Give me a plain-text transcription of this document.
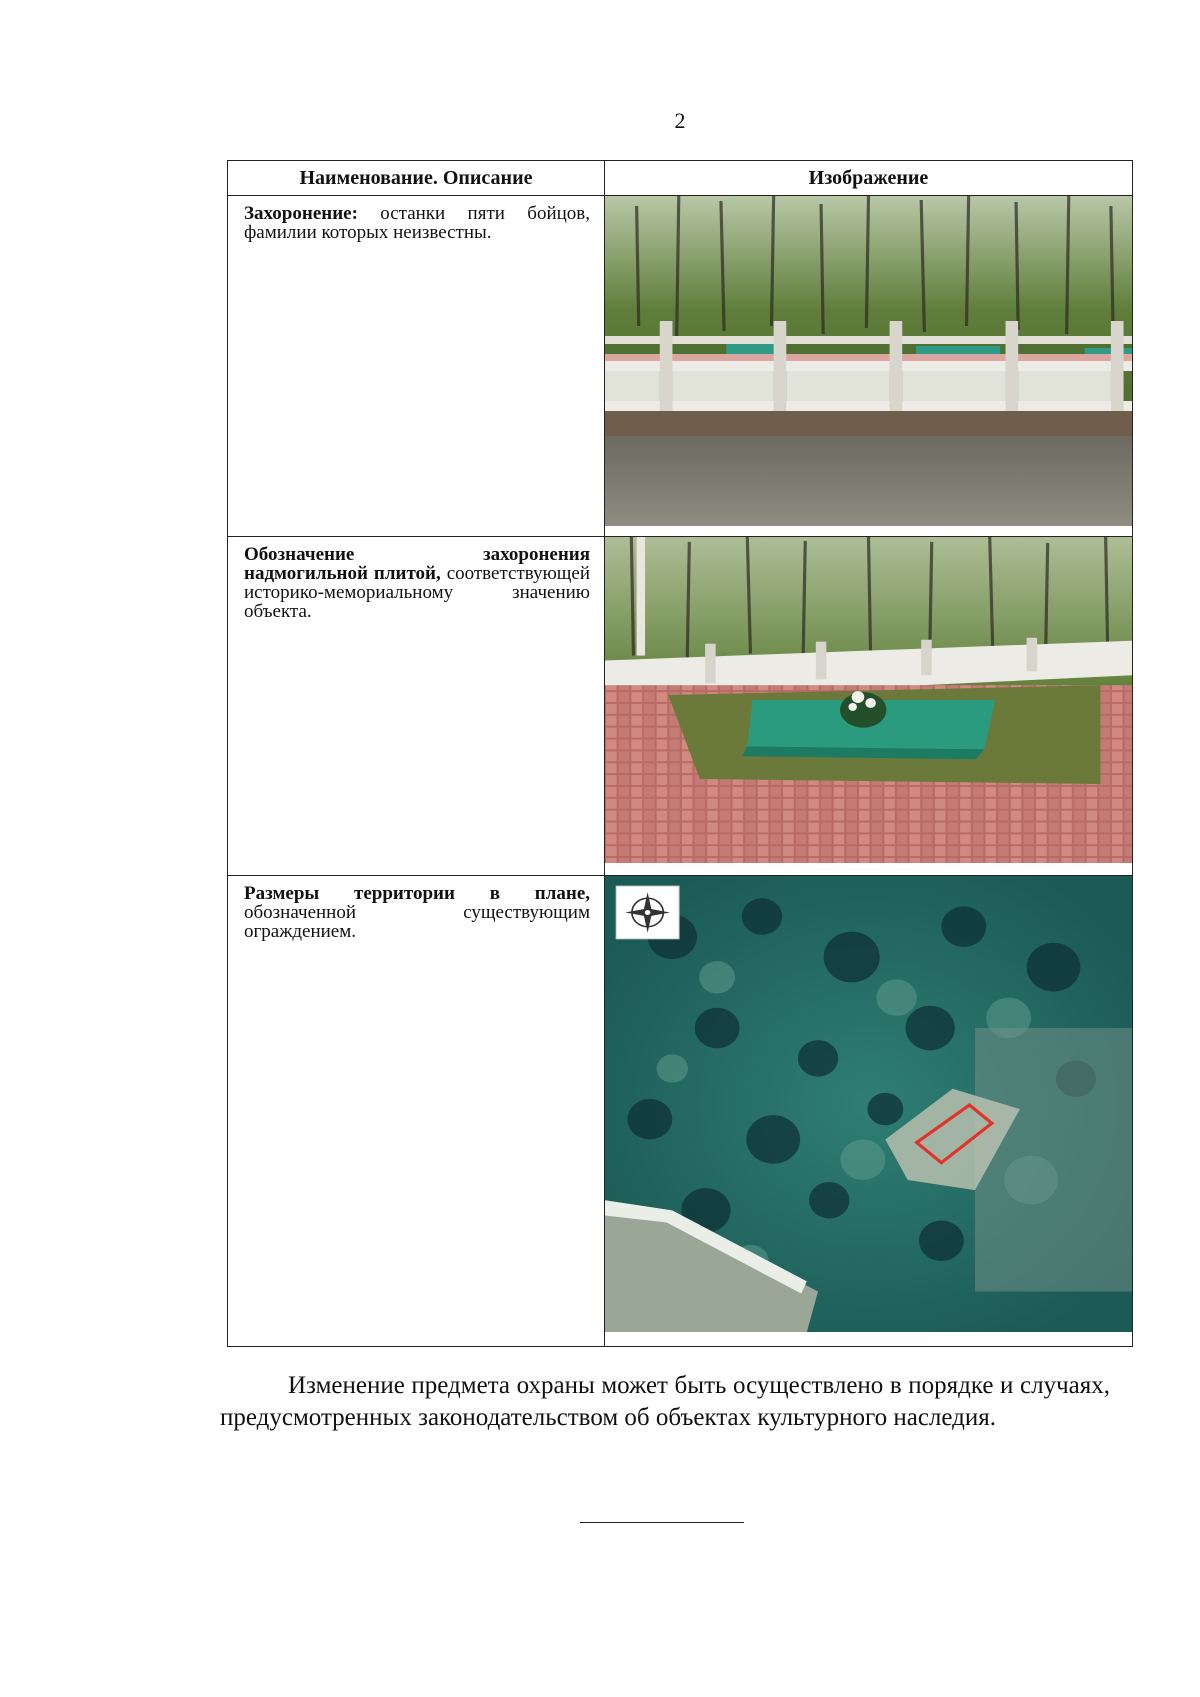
2
Наименование. Описание	Изображение

Захоронение: останки пяти бойцов, фамилии которых неизвестны.

Обозначение захоронения надмогильной плитой, соответствующей историко-мемориальному значению объекта.

Размеры территории в плане, обозначенной существующим ограждением.

Изменение предмета охраны может быть осуществлено в порядке и случаях, предусмотренных законодательством об объектах культурного наследия.
